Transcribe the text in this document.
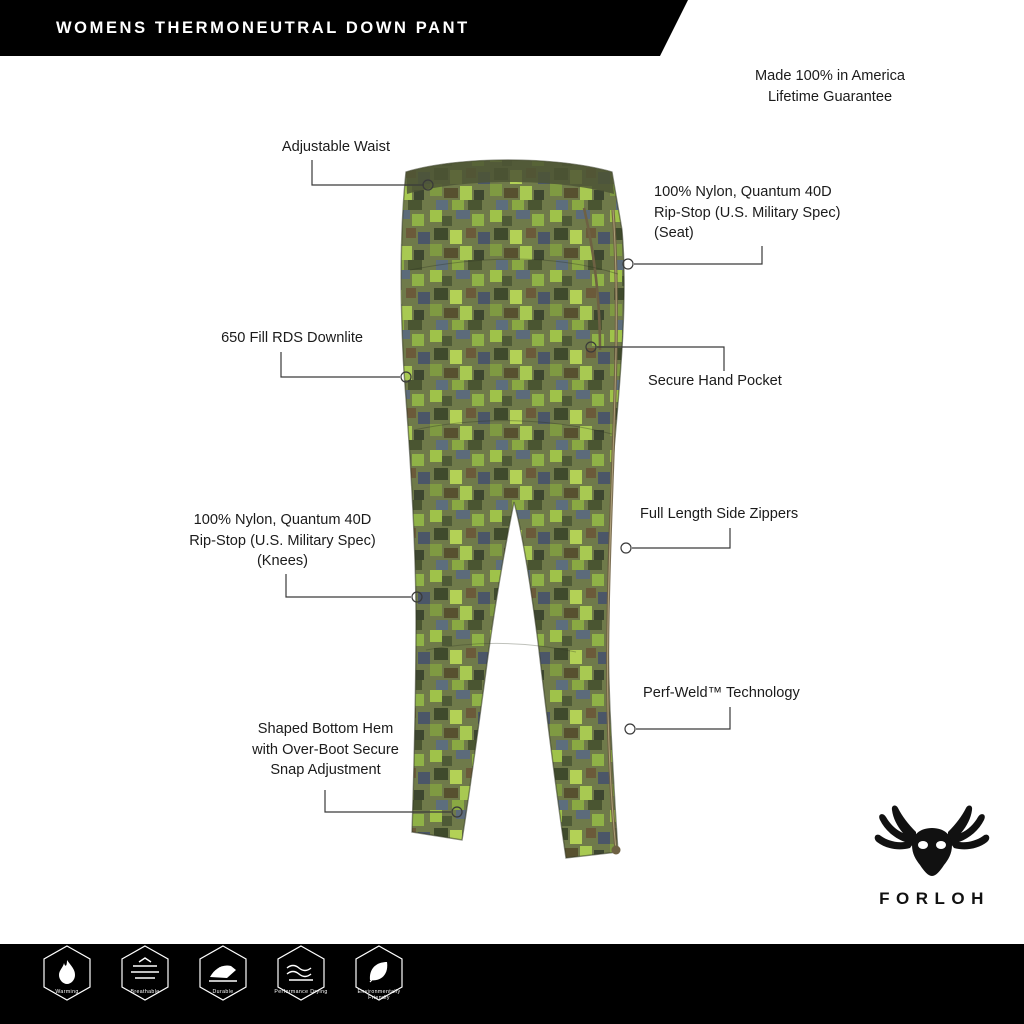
WOMENS THERMONEUTRAL DOWN PANT
Made 100% in America
Lifetime Guarantee
Adjustable Waist
100% Nylon, Quantum 40D
Rip-Stop (U.S. Military Spec)
(Seat)
650 Fill RDS Downlite
Secure Hand Pocket
Full Length Side Zippers
100% Nylon, Quantum 40D
Rip-Stop (U.S. Military Spec)
(Knees)
Perf-Weld™ Technology
Shaped Bottom Hem
with Over-Boot Secure
Snap Adjustment
FORLOH
Warming	Breathable	Durable	Performance Drying	Environmentally Friendly
